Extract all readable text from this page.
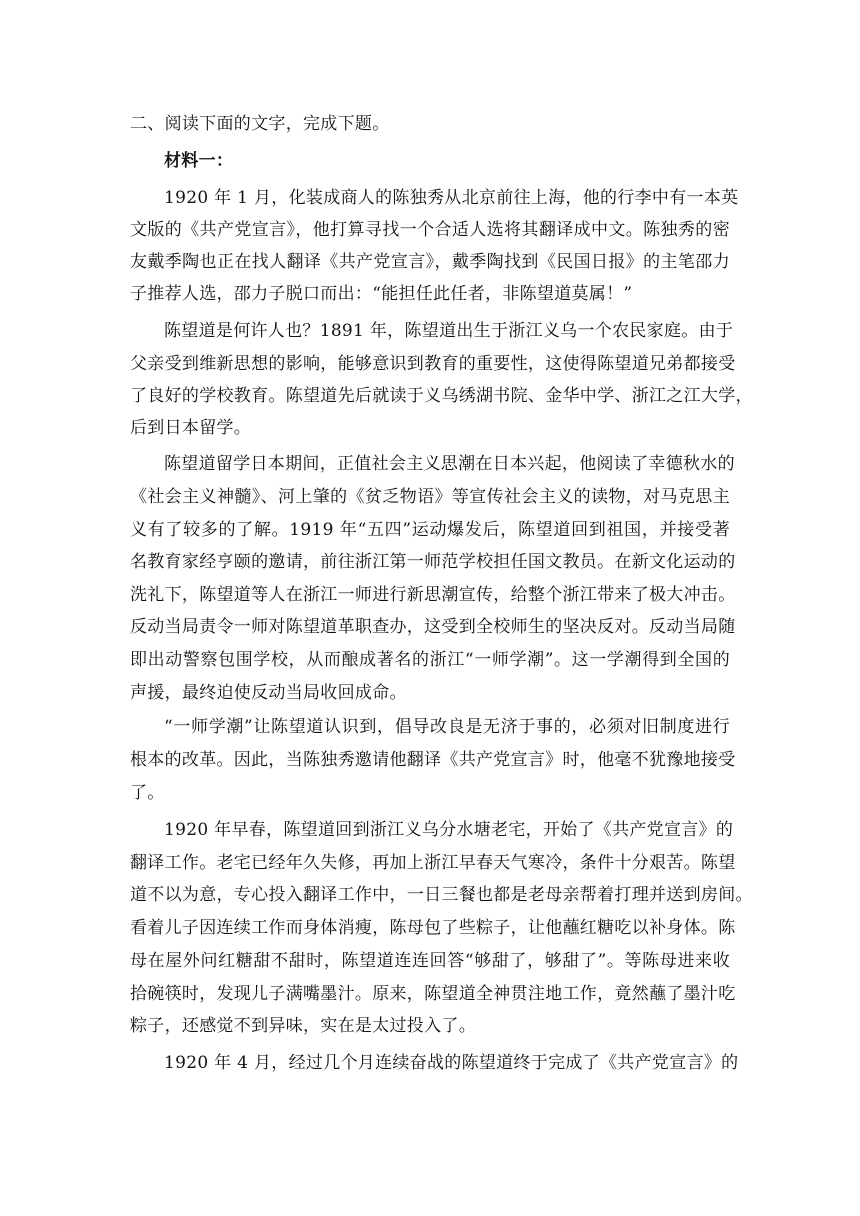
二、阅读下面的文字，完成下题。
材料一：
1920 年 1 月，化装成商人的陈独秀从北京前往上海，他的行李中有一本英
文版的《共产党宣言》，他打算寻找一个合适人选将其翻译成中文。陈独秀的密
友戴季陶也正在找人翻译《共产党宣言》，戴季陶找到《民国日报》的主笔邵力
子推荐人选，邵力子脱口而出：“能担任此任者，非陈望道莫属！”
陈望道是何许人也？1891 年，陈望道出生于浙江义乌一个农民家庭。由于
父亲受到维新思想的影响，能够意识到教育的重要性，这使得陈望道兄弟都接受
了良好的学校教育。陈望道先后就读于义乌绣湖书院、金华中学、浙江之江大学，
后到日本留学。
陈望道留学日本期间，正值社会主义思潮在日本兴起，他阅读了幸德秋水的
《社会主义神髓》、河上肇的《贫乏物语》等宣传社会主义的读物，对马克思主
义有了较多的了解。1919 年“五四”运动爆发后，陈望道回到祖国，并接受著
名教育家经亨颐的邀请，前往浙江第一师范学校担任国文教员。在新文化运动的
洗礼下，陈望道等人在浙江一师进行新思潮宣传，给整个浙江带来了极大冲击。
反动当局责令一师对陈望道革职查办，这受到全校师生的坚决反对。反动当局随
即出动警察包围学校，从而酿成著名的浙江“一师学潮”。这一学潮得到全国的
声援，最终迫使反动当局收回成命。
“一师学潮”让陈望道认识到，倡导改良是无济于事的，必须对旧制度进行
根本的改革。因此，当陈独秀邀请他翻译《共产党宣言》时，他毫不犹豫地接受
了。
1920 年早春，陈望道回到浙江义乌分水塘老宅，开始了《共产党宣言》的
翻译工作。老宅已经年久失修，再加上浙江早春天气寒冷，条件十分艰苦。陈望
道不以为意，专心投入翻译工作中，一日三餐也都是老母亲帮着打理并送到房间。
看着儿子因连续工作而身体消瘦，陈母包了些粽子，让他蘸红糖吃以补身体。陈
母在屋外问红糖甜不甜时，陈望道连连回答“够甜了，够甜了”。等陈母进来收
拾碗筷时，发现儿子满嘴墨汁。原来，陈望道全神贯注地工作，竟然蘸了墨汁吃
粽子，还感觉不到异味，实在是太过投入了。
1920 年 4 月，经过几个月连续奋战的陈望道终于完成了《共产党宣言》的
